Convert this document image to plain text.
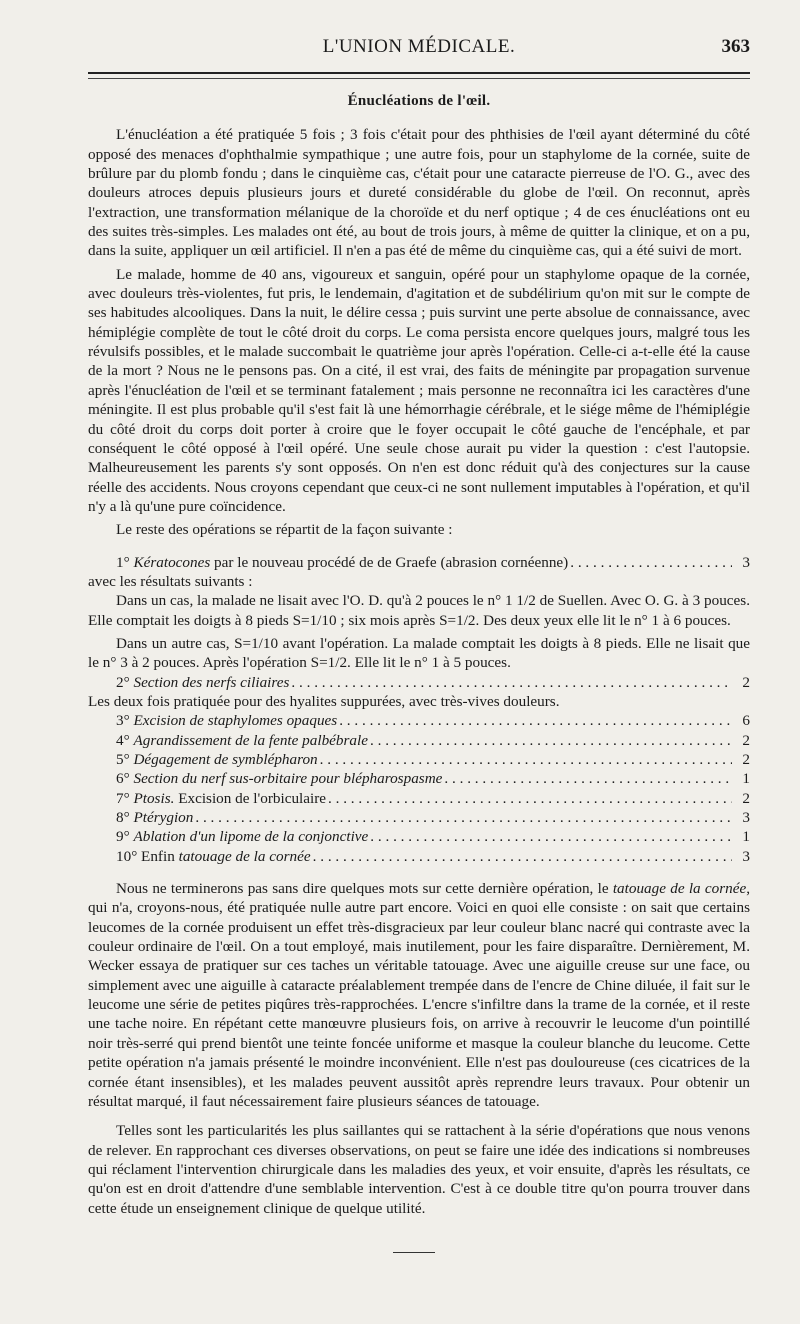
L'UNION MÉDICALE.	363
Énucléations de l'œil.

L'énucléation a été pratiquée 5 fois ; 3 fois c'était pour des phthisies de l'œil ayant déterminé du côté opposé des menaces d'ophthalmie sympathique ; une autre fois, pour un staphylome de la cornée, suite de brûlure par du plomb fondu ; dans le cinquième cas, c'était pour une cataracte pierreuse de l'O. G., avec des douleurs atroces depuis plusieurs jours et dureté considérable du globe de l'œil. On reconnut, après l'extraction, une transformation mélanique de la choroïde et du nerf optique ; 4 de ces énucléations ont eu des suites très-simples. Les malades ont été, au bout de trois jours, à même de quitter la clinique, et on a pu, dans la suite, appliquer un œil artificiel. Il n'en a pas été de même du cinquième cas, qui a été suivi de mort.

Le malade, homme de 40 ans, vigoureux et sanguin, opéré pour un staphylome opaque de la cornée, avec douleurs très-violentes, fut pris, le lendemain, d'agitation et de subdélirium qu'on mit sur le compte de ses habitudes alcooliques. Dans la nuit, le délire cessa ; puis survint une perte absolue de connaissance, avec hémiplégie complète de tout le côté droit du corps. Le coma persista encore quelques jours, malgré tous les révulsifs possibles, et le malade succombait le quatrième jour après l'opération. Celle-ci a-t-elle été la cause de la mort ? Nous ne le pensons pas. On a cité, il est vrai, des faits de méningite par propagation survenue après l'énucléation de l'œil et se terminant fatalement ; mais personne ne reconnaîtra ici les caractères d'une méningite. Il est plus probable qu'il s'est fait là une hémorrhagie cérébrale, et le siége même de l'hémiplégie du côté droit du corps doit porter à croire que le foyer occupait le côté gauche de l'encéphale, et par conséquent le côté opposé à l'œil opéré. Une seule chose aurait pu vider la question : c'est l'autopsie. Malheureusement les parents s'y sont opposés. On n'en est donc réduit qu'à des conjectures sur la cause réelle des accidents. Nous croyons cependant que ceux-ci ne sont nullement imputables à l'opération, et qu'il n'y a là qu'une pure coïncidence.

Le reste des opérations se répartit de la façon suivante :

1° Kératocones par le nouveau procédé de de Graefe (abrasion cornéenne) . . .	3

avec les résultats suivants :

Dans un cas, la malade ne lisait avec l'O. D. qu'à 2 pouces le n° 1 1/2 de Suellen. Avec O. G. à 3 pouces. Elle comptait les doigts à 8 pieds S=1/10 ; six mois après S=1/2. Des deux yeux elle lit le n° 1 à 6 pouces.

Dans un autre cas, S=1/10 avant l'opération. La malade comptait les doigts à 8 pieds. Elle ne lisait que le n° 3 à 2 pouces. Après l'opération S=1/2. Elle lit le n° 1 à 5 pouces.

2° Section des nerfs ciliaires . . .	2

Les deux fois pratiquée pour des hyalites suppurées, avec très-vives douleurs.

3° Excision de staphylomes opaques . . .	6
4° Agrandissement de la fente palbébrale . . .	2
5° Dégagement de symblépharon . . .	2
6° Section du nerf sus-orbitaire pour blépharospasme . . .	1
7° Ptosis. Excision de l'orbiculaire . . .	2
8° Ptérygion . . .	3
9° Ablation d'un lipome de la conjonctive . . .	1
10° Enfin tatouage de la cornée . . .	3

Nous ne terminerons pas sans dire quelques mots sur cette dernière opération, le tatouage de la cornée, qui n'a, croyons-nous, été pratiquée nulle autre part encore. Voici en quoi elle consiste : on sait que certains leucomes de la cornée produisent un effet très-disgracieux par leur couleur blanc nacré qui contraste avec la couleur ordinaire de l'œil. On a tout employé, mais inutilement, pour les faire disparaître. Dernièrement, M. Wecker essaya de pratiquer sur ces taches un véritable tatouage. Avec une aiguille creuse sur une face, ou simplement avec une aiguille à cataracte préalablement trempée dans de l'encre de Chine diluée, il fait sur le leucome une série de petites piqûres très-rapprochées. L'encre s'infiltre dans la trame de la cornée, et il reste une tache noire. En répétant cette manœuvre plusieurs fois, on arrive à recouvrir le leucome d'un pointillé noir très-serré qui prend bientôt une teinte foncée uniforme et masque la couleur blanche du leucome. Cette petite opération n'a jamais présenté le moindre inconvénient. Elle n'est pas douloureuse (ces cicatrices de la cornée étant insensibles), et les malades peuvent aussitôt après reprendre leurs travaux. Pour obtenir un résultat marqué, il faut nécessairement faire plusieurs séances de tatouage.

Telles sont les particularités les plus saillantes qui se rattachent à la série d'opérations que nous venons de relever. En rapprochant ces diverses observations, on peut se faire une idée des indications si nombreuses qui réclament l'intervention chirurgicale dans les maladies des yeux, et voir ensuite, d'après les résultats, ce qu'on est en droit d'attendre d'une semblable intervention. C'est à ce double titre qu'on pourra trouver dans cette étude un enseignement clinique de quelque utilité.
